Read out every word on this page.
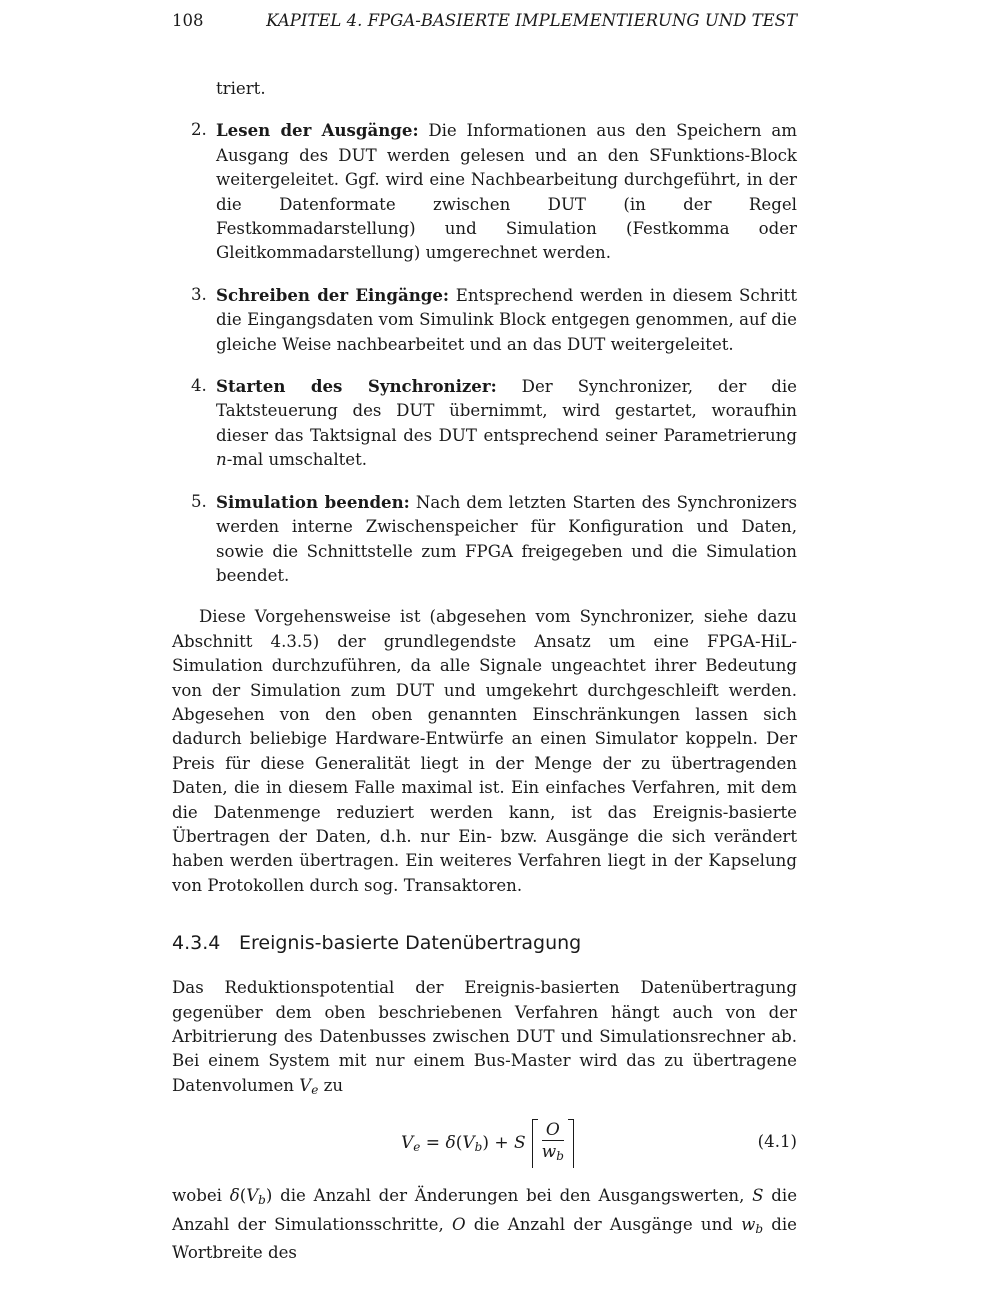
108	KAPITEL 4. FPGA-BASIERTE IMPLEMENTIERUNG UND TEST

triert.

2. Lesen der Ausgänge: Die Informationen aus den Speichern am Ausgang des DUT werden gelesen und an den SFunktions-Block weitergeleitet. Ggf. wird eine Nachbearbeitung durchgeführt, in der die Datenformate zwischen DUT (in der Regel Festkommadarstellung) und Simulation (Festkomma oder Gleitkommadarstellung) umgerechnet werden.

3. Schreiben der Eingänge: Entsprechend werden in diesem Schritt die Eingangsdaten vom Simulink Block entgegen genommen, auf die gleiche Weise nachbearbeitet und an das DUT weitergeleitet.

4. Starten des Synchronizer: Der Synchronizer, der die Taktsteuerung des DUT übernimmt, wird gestartet, woraufhin dieser das Taktsignal des DUT entsprechend seiner Parametrierung n-mal umschaltet.

5. Simulation beenden: Nach dem letzten Starten des Synchronizers werden interne Zwischenspeicher für Konfiguration und Daten, sowie die Schnittstelle zum FPGA freigegeben und die Simulation beendet.

Diese Vorgehensweise ist (abgesehen vom Synchronizer, siehe dazu Abschnitt 4.3.5) der grundlegendste Ansatz um eine FPGA-HiL-Simulation durchzuführen, da alle Signale ungeachtet ihrer Bedeutung von der Simulation zum DUT und umgekehrt durchgeschleift werden. Abgesehen von den oben genannten Einschränkungen lassen sich dadurch beliebige Hardware-Entwürfe an einen Simulator koppeln. Der Preis für diese Generalität liegt in der Menge der zu übertragenden Daten, die in diesem Falle maximal ist. Ein einfaches Verfahren, mit dem die Datenmenge reduziert werden kann, ist das Ereignis-basierte Übertragen der Daten, d.h. nur Ein- bzw. Ausgänge die sich verändert haben werden übertragen. Ein weiteres Verfahren liegt in der Kapselung von Protokollen durch sog. Transaktoren.

4.3.4 Ereignis-basierte Datenübertragung

Das Reduktionspotential der Ereignis-basierten Datenübertragung gegenüber dem oben beschriebenen Verfahren hängt auch von der Arbitrierung des Datenbusses zwischen DUT und Simulationsrechner ab. Bei einem System mit nur einem Bus-Master wird das zu übertragene Datenvolumen $V_e$ zu

$V_e = \delta$ ( $V_b$ ) + S $\frac{O}{w_b}$	(4.1)

wobei $\delta(V_b)$ die Anzahl der Änderungen bei den Ausgangswerten, S die Anzahl der Simulationsschritte, O die Anzahl der Ausgänge und $w_b$ die Wortbreite des
